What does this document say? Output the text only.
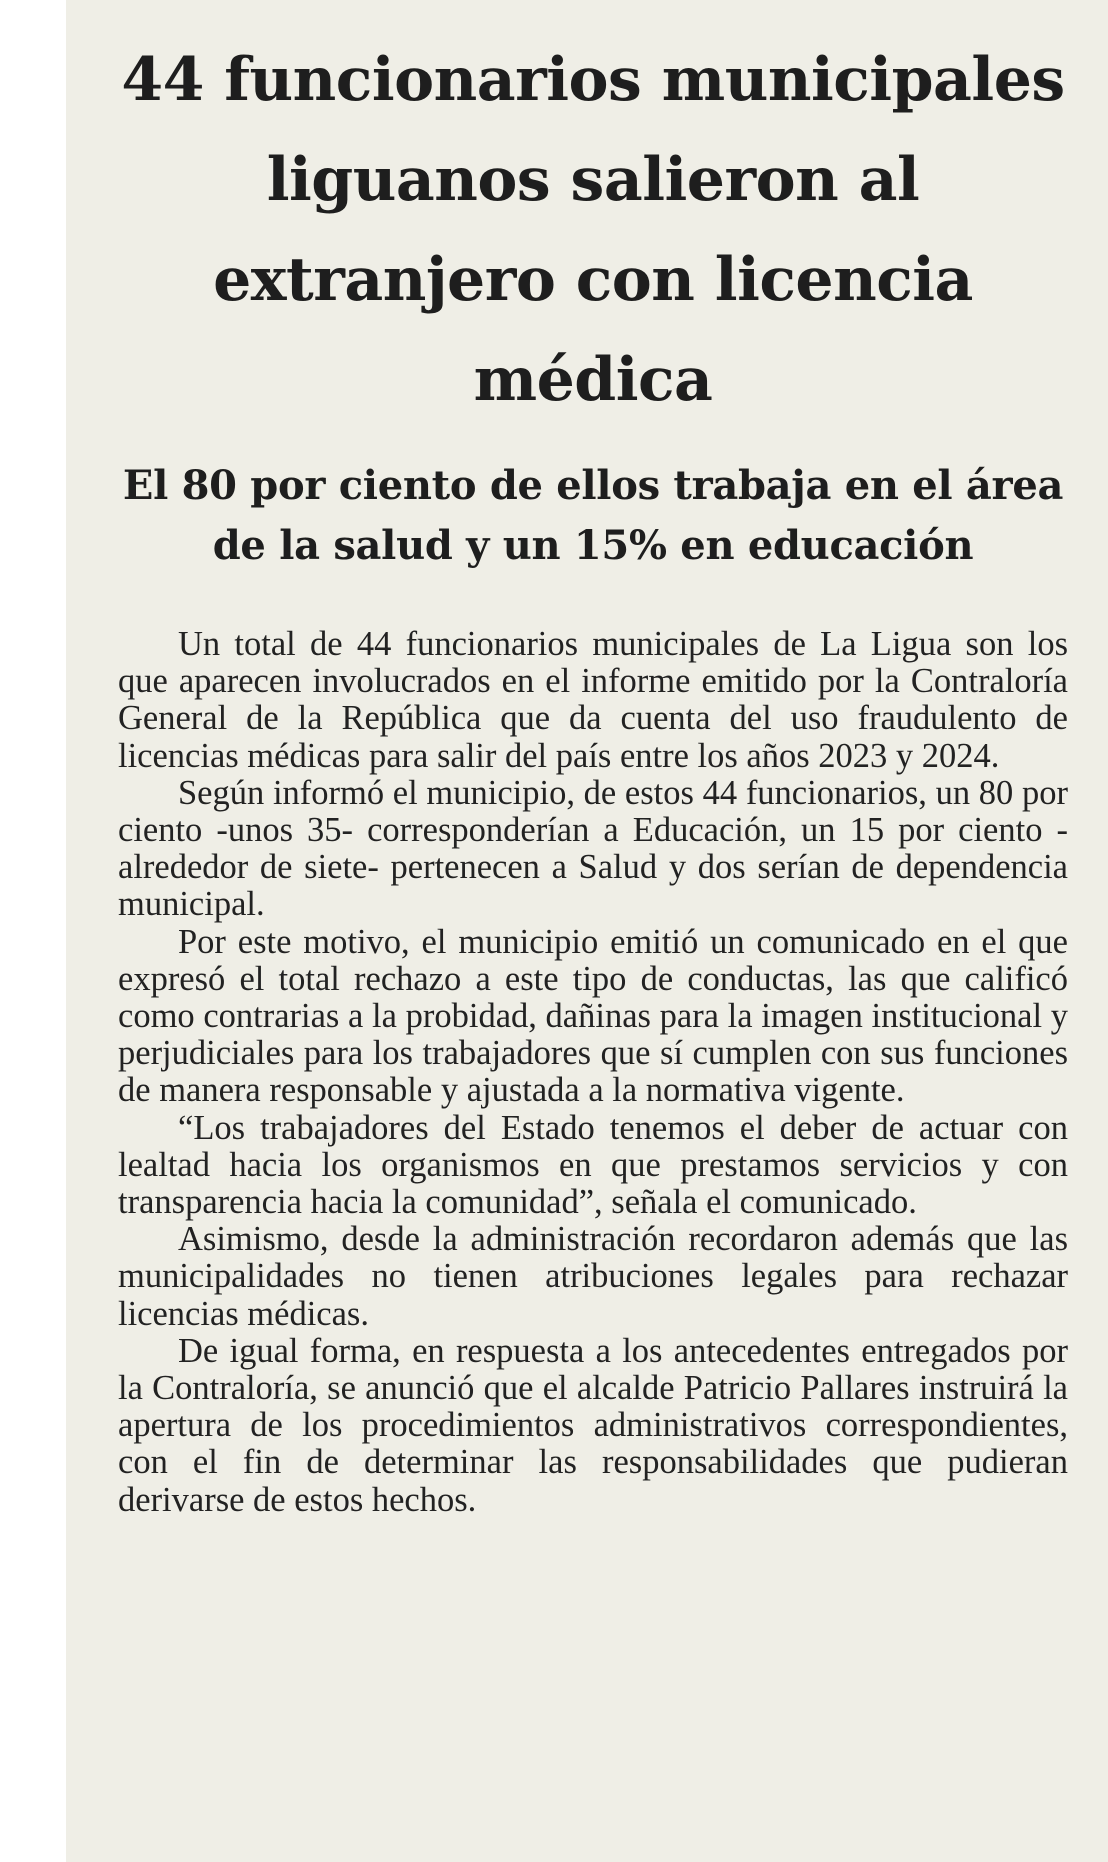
44 funcionarios municipales liguanos salieron al extranjero con licencia médica
El 80 por ciento de ellos trabaja en el área de la salud y un 15% en educación

Un total de 44 funcionarios municipales de La Ligua son los que aparecen involucrados en el informe emitido por la Contraloría General de la República que da cuenta del uso fraudulento de licencias médicas para salir del país entre los años 2023 y 2024.

Según informó el municipio, de estos 44 funcionarios, un 80 por ciento -unos 35- corresponderían a Educación, un 15 por ciento -alrededor de siete- pertenecen a Salud y dos serían de dependencia municipal.

Por este motivo, el municipio emitió un comunicado en el que expresó el total rechazo a este tipo de conductas, las que calificó como contrarias a la probidad, dañinas para la imagen institucional y perjudiciales para los trabajadores que sí cumplen con sus funciones de manera responsable y ajustada a la normativa vigente.

“Los trabajadores del Estado tenemos el deber de actuar con lealtad hacia los organismos en que prestamos servicios y con transparencia hacia la comunidad”, señala el comunicado.

Asimismo, desde la administración recordaron además que las municipalidades no tienen atribuciones legales para rechazar licencias médicas.

De igual forma, en respuesta a los antecedentes entregados por la Contraloría, se anunció que el alcalde Patricio Pallares instruirá la apertura de los procedimientos administrativos correspondientes, con el fin de determinar las responsabilidades que pudieran derivarse de estos hechos.
